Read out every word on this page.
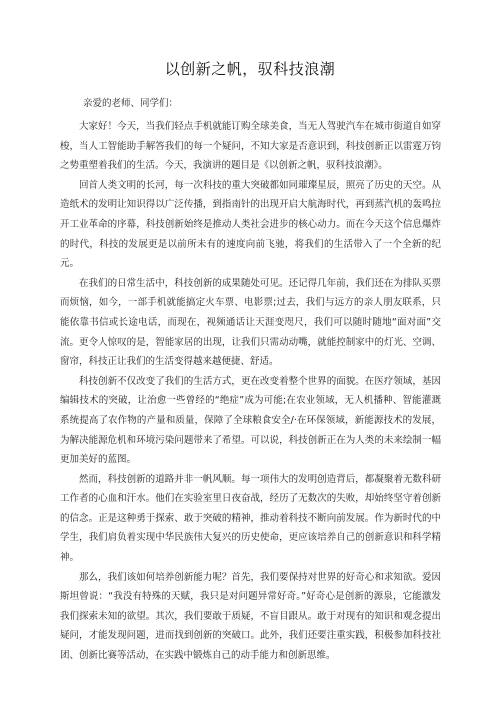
以创新之帆，驭科技浪潮
亲爱的老师、同学们：

大家好！今天，当我们轻点手机就能订购全球美食，当无人驾驶汽车在城市街道自如穿梭，当人工智能助手解答我们的每一个疑问，不知大家是否意识到，科技创新正以雷霆万钧之势重塑着我们的生活。今天，我演讲的题目是《以创新之帆，驭科技浪潮》。

回首人类文明的长河，每一次科技的重大突破都如同璀璨星辰，照亮了历史的天空。从造纸术的发明让知识得以广泛传播，到指南针的出现开启大航海时代，再到蒸汽机的轰鸣拉开工业革命的序幕，科技创新始终是推动人类社会进步的核心动力。而在今天这个信息爆炸的时代，科技的发展更是以前所未有的速度向前飞驰，将我们的生活带入了一个全新的纪元。

在我们的日常生活中，科技创新的成果随处可见。还记得几年前，我们还在为排队买票而烦恼，如今，一部手机就能搞定火车票、电影票;过去，我们与远方的亲人朋友联系，只能依靠书信或长途电话，而现在，视频通话让天涯变咫尺，我们可以随时随地“面对面”交流。更令人惊叹的是，智能家居的出现，让我们只需动动嘴，就能控制家中的灯光、空调、窗帘，科技正让我们的生活变得越来越便捷、舒适。

科技创新不仅改变了我们的生活方式，更在改变着整个世界的面貌。在医疗领域，基因编辑技术的突破，让治愈一些曾经的“绝症”成为可能;在农业领域，无人机播种、智能灌溉系统提高了农作物的产量和质量，保障了全球粮食安全/·在环保领域，新能源技术的发展，为解决能源危机和环境污染问题带来了希望。可以说，科技创新正在为人类的未来绘制一幅更加美好的蓝图。

然而，科技创新的道路并非一帆风顺。每一项伟大的发明创造背后，都凝聚着无数科研工作者的心血和汗水。他们在实验室里日夜奋战，经历了无数次的失败，却始终坚守着创新的信念。正是这种勇于探索、敢于突破的精神，推动着科技不断向前发展。作为新时代的中学生，我们肩负着实现中华民族伟大复兴的历史使命，更应该培养自己的创新意识和科学精神。

那么，我们该如何培养创新能力呢？首先，我们要保持对世界的好奇心和求知欲。爱因斯坦曾说：“我没有特殊的天赋，我只是对问题异常好奇。”好奇心是创新的源泉，它能激发我们探索未知的欲望。其次，我们要敢于质疑，不盲目跟从。敢于对现有的知识和观念提出疑问，才能发现问题，进而找到创新的突破口。此外，我们还要注重实践，积极参加科技社团、创新比赛等活动，在实践中锻炼自己的动手能力和创新思维。
